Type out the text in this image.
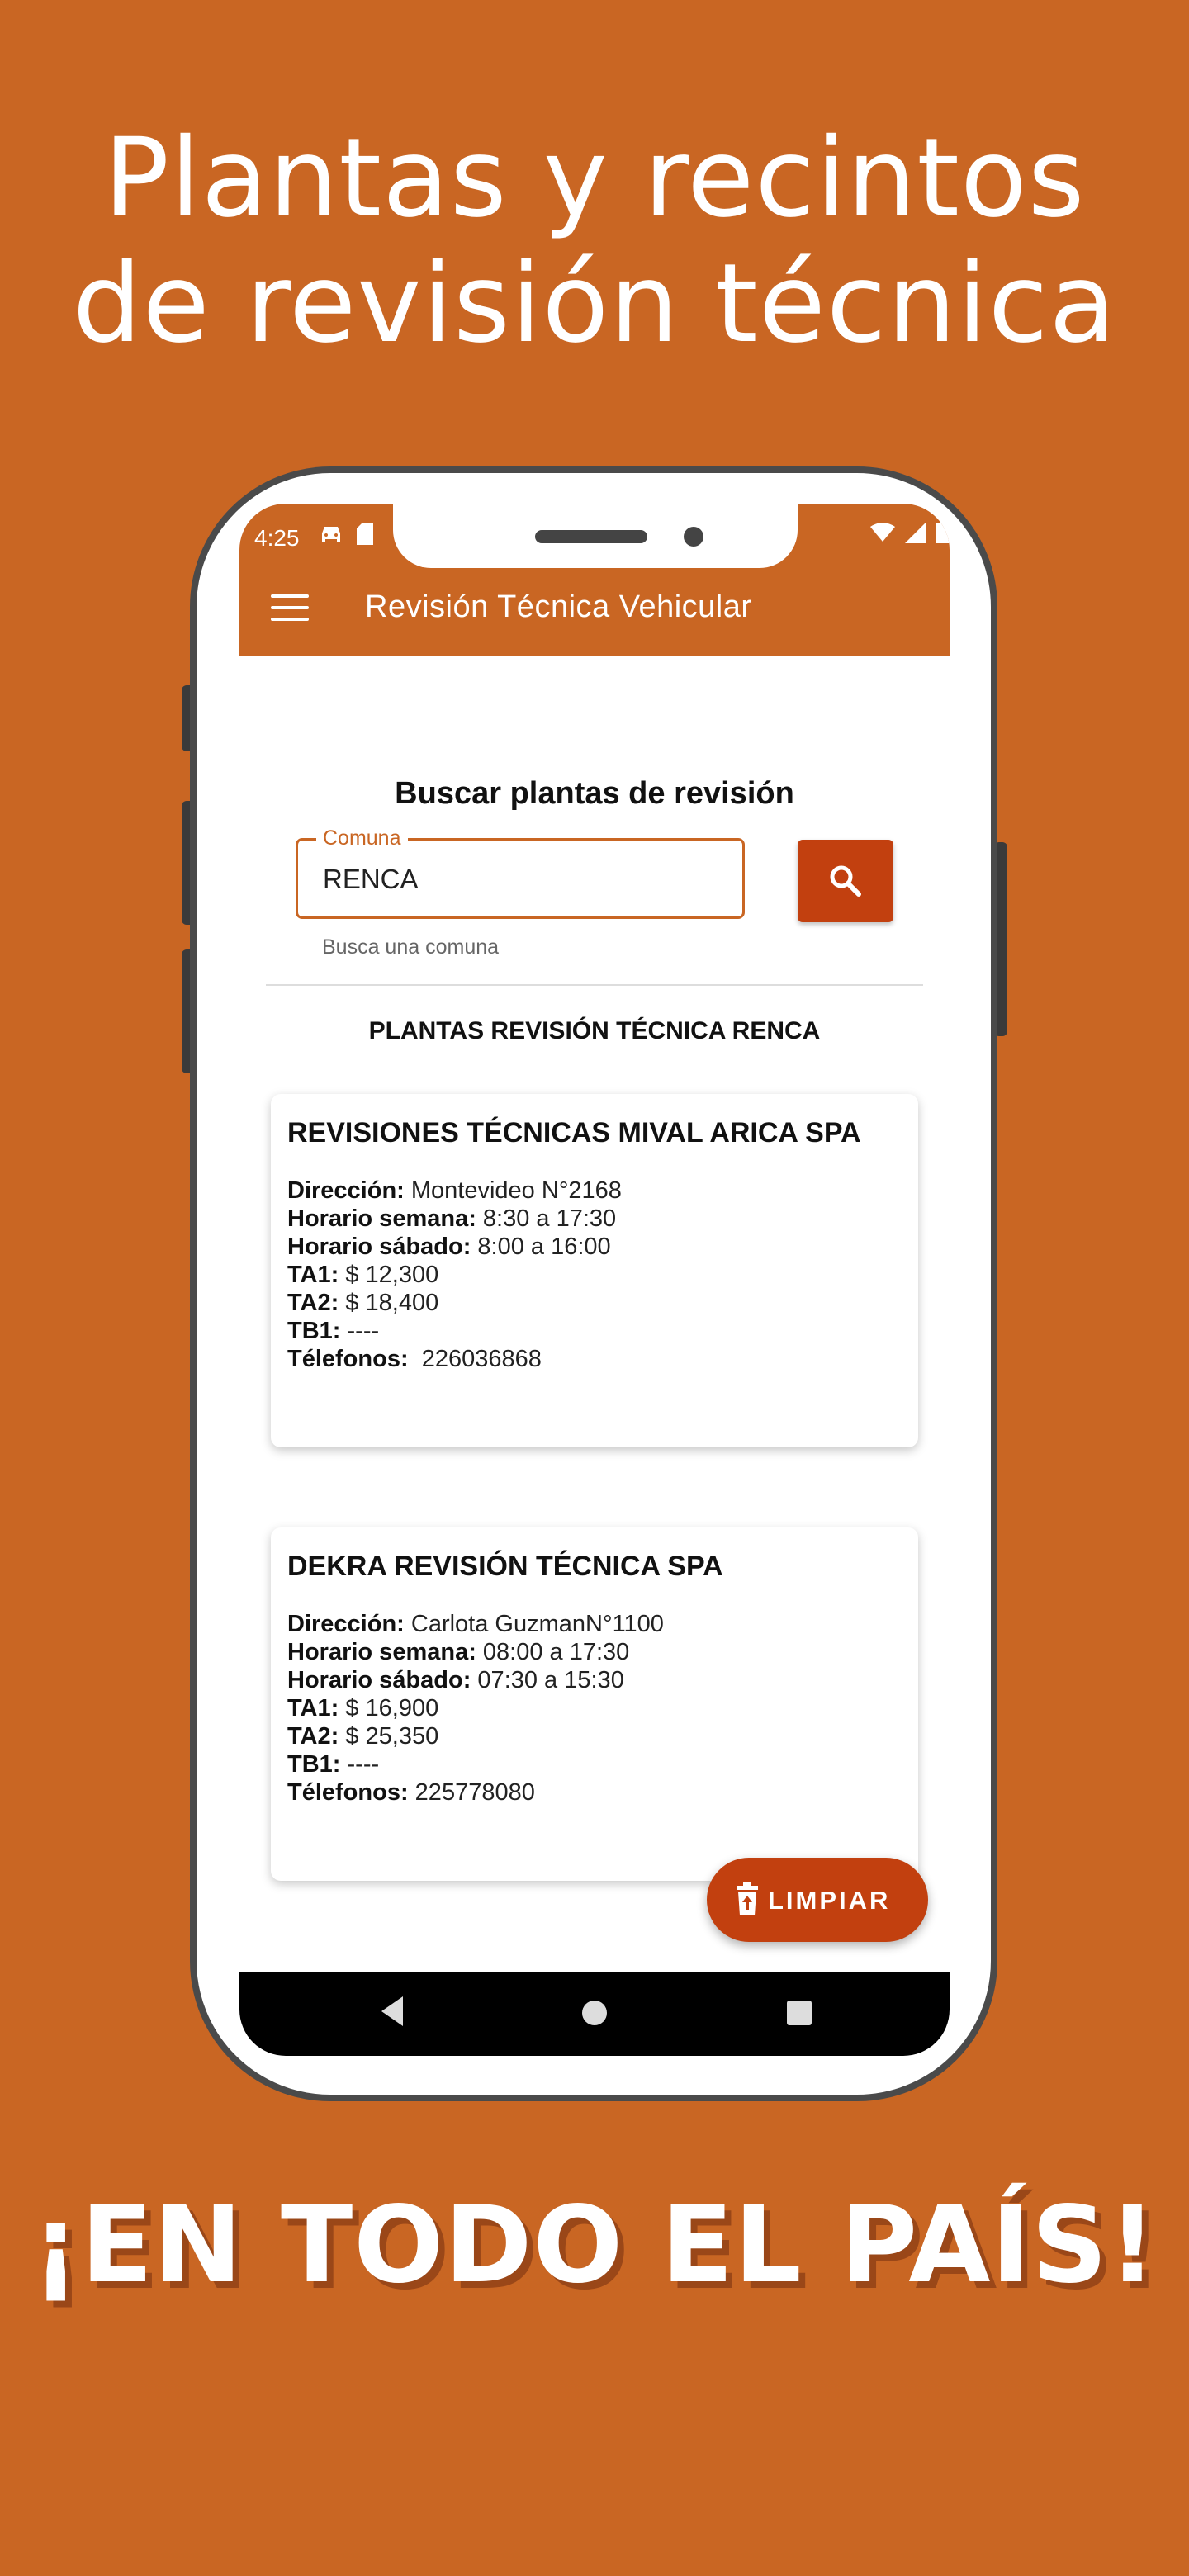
Plantas y recintos
de revisión técnica
4:25
Revisión Técnica Vehicular
Buscar plantas de revisión
Comuna
RENCA
Busca una comuna
PLANTAS REVISIÓN TÉCNICA RENCA
REVISIONES TÉCNICAS MIVAL ARICA SPA
Dirección: Montevideo N°2168
Horario semana: 8:30 a 17:30
Horario sábado: 8:00 a 16:00
TA1: $ 12,300
TA2: $ 18,400
TB1: ----
Télefonos:  226036868
DEKRA REVISIÓN TÉCNICA SPA
Dirección: Carlota GuzmanN°1100
Horario semana: 08:00 a 17:30
Horario sábado: 07:30 a 15:30
TA1: $ 16,900
TA2: $ 25,350
TB1: ----
Télefonos: 225778080
LIMPIAR
¡EN TODO EL PAÍS!
